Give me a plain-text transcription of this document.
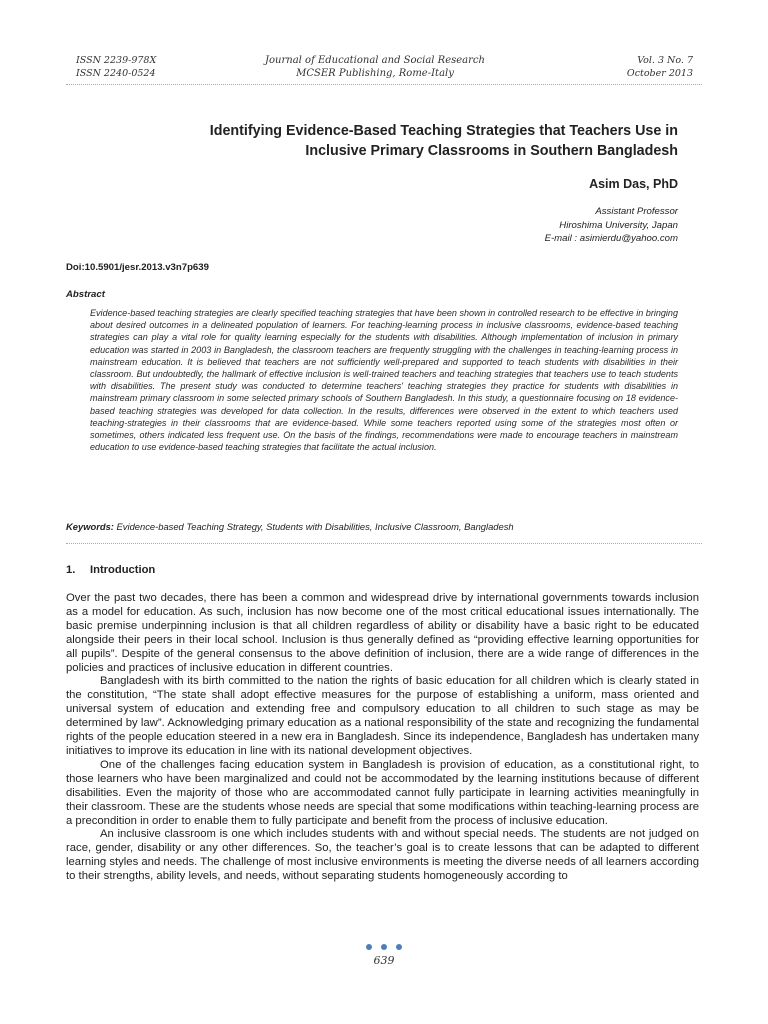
ISSN 2239-978X
ISSN 2240-0524
Journal of Educational and Social Research
MCSER Publishing, Rome-Italy
Vol. 3 No. 7
October 2013
Identifying Evidence-Based Teaching Strategies that Teachers Use in
Inclusive Primary Classrooms in Southern Bangladesh
Asim Das, PhD
Assistant Professor
Hiroshima University, Japan
E-mail : asimierdu@yahoo.com
Doi:10.5901/jesr.2013.v3n7p639
Abstract
Evidence-based teaching strategies are clearly specified teaching strategies that have been shown in controlled research to be effective in bringing about desired outcomes in a delineated population of learners. For teaching-learning process in inclusive classrooms, evidence-based teaching strategies can play a vital role for quality learning especially for the students with disabilities. Although implementation of inclusion in primary education was started in 2003 in Bangladesh, the classroom teachers are frequently struggling with the challenges in teaching-learning process in mainstream education. It is believed that teachers are not sufficiently well-prepared and supported to teach students with disabilities in their classroom. But undoubtedly, the hallmark of effective inclusion is well-trained teachers and teaching strategies that teachers use to teach students with disabilities. The present study was conducted to determine teachers' teaching strategies they practice for students with disabilities in mainstream primary classroom in some selected primary schools of Southern Bangladesh. In this study, a questionnaire focusing on 18 evidence-based teaching strategies was developed for data collection. In the results, differences were observed in the extent to which teachers used teaching-strategies in their classrooms that are evidence-based. While some teachers reported using some of the strategies most often or sometimes, others indicated less frequent use. On the basis of the findings, recommendations were made to encourage teachers in mainstream education to use evidence-based teaching strategies that facilitate the actual inclusion.
Keywords: Evidence-based Teaching Strategy, Students with Disabilities, Inclusive Classroom, Bangladesh
1. Introduction

Over the past two decades, there has been a common and widespread drive by international governments towards inclusion as a model for education. As such, inclusion has now become one of the most critical educational issues internationally. The basic premise underpinning inclusion is that all children regardless of ability or disability have a basic right to be educated alongside their peers in their local school. Inclusion is thus generally defined as “providing effective learning opportunities for all pupils”. Despite of the general consensus to the above definition of inclusion, there are a wide range of differences in the policies and practices of inclusive education in different countries.

Bangladesh with its birth committed to the nation the rights of basic education for all children which is clearly stated in the constitution, “The state shall adopt effective measures for the purpose of establishing a uniform, mass oriented and universal system of education and extending free and compulsory education to all children to such stage as may be determined by law”. Acknowledging primary education as a national responsibility of the state and recognizing the fundamental rights of the people education steered in a new era in Bangladesh. Since its independence, Bangladesh has undertaken many initiatives to improve its education in line with its national development objectives.

One of the challenges facing education system in Bangladesh is provision of education, as a constitutional right, to those learners who have been marginalized and could not be accommodated by the learning institutions because of different disabilities. Even the majority of those who are accommodated cannot fully participate in learning activities meaningfully in their classroom. These are the students whose needs are special that some modifications within teaching-learning process are a precondition in order to enable them to fully participate and benefit from the process of inclusive education.

An inclusive classroom is one which includes students with and without special needs. The students are not judged on race, gender, disability or any other differences. So, the teacher’s goal is to create lessons that can be adapted to different learning styles and needs. The challenge of most inclusive environments is meeting the diverse needs of all learners according to their strengths, ability levels, and needs, without separating students homogeneously according to

639
